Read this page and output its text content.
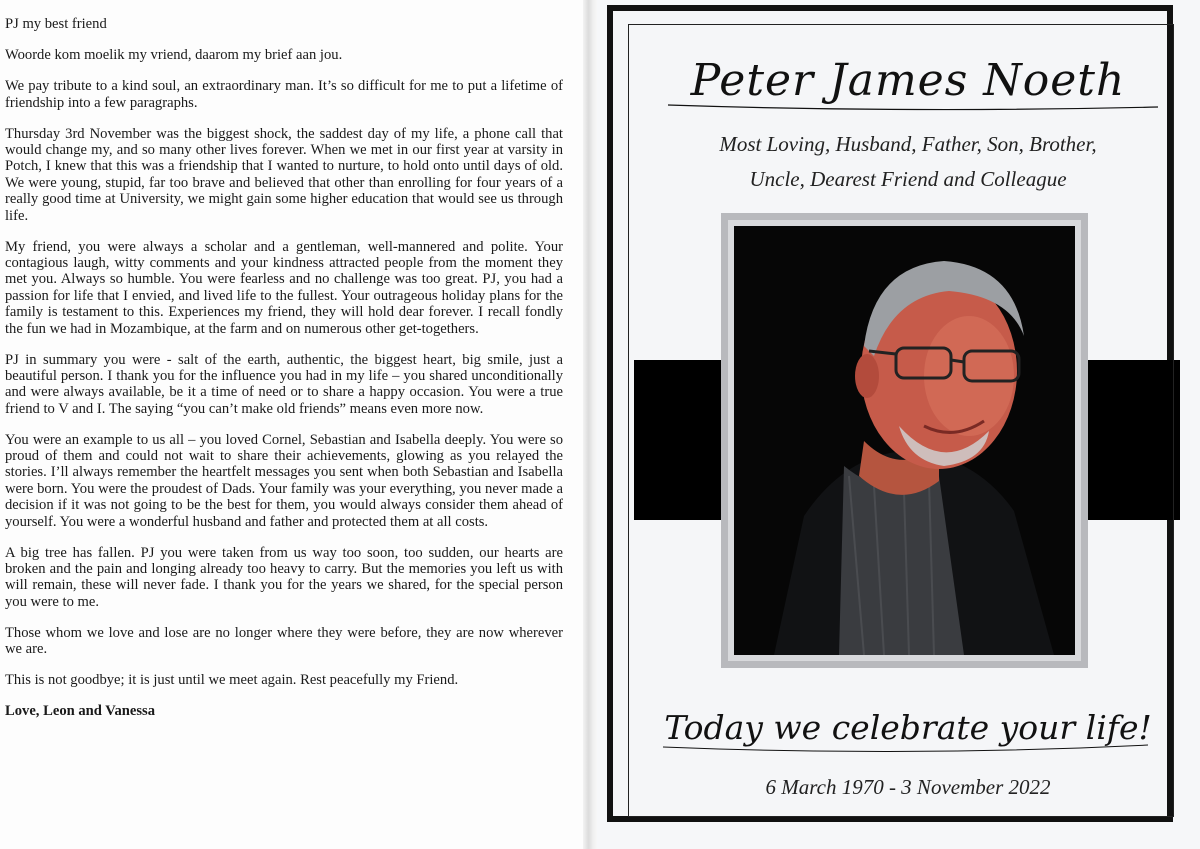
PJ my best friend

Woorde kom moelik my vriend, daarom my brief aan jou.

We pay tribute to a kind soul, an extraordinary man. It’s so difficult for me to put a lifetime of friendship into a few paragraphs.

Thursday 3rd November was the biggest shock, the saddest day of my life, a phone call that would change my, and so many other lives forever. When we met in our first year at varsity in Potch, I knew that this was a friendship that I wanted to nurture, to hold onto until days of old. We were young, stupid, far too brave and believed that other than enrolling for four years of a really good time at University, we might gain some higher education that would see us through life.

My friend, you were always a scholar and a gentleman, well-mannered and polite. Your contagious laugh, witty comments and your kindness attracted people from the moment they met you. Always so humble. You were fearless and no challenge was too great. PJ, you had a passion for life that I envied, and lived life to the fullest. Your outrageous holiday plans for the family is testament to this. Experiences my friend, they will hold dear forever. I recall fondly the fun we had in Mozambique, at the farm and on numerous other get-togethers.

PJ in summary you were - salt of the earth, authentic, the biggest heart, big smile, just a beautiful person. I thank you for the influence you had in my life – you shared unconditionally and were always available, be it a time of need or to share a happy occasion. You were a true friend to V and I. The saying “you can’t make old friends” means even more now.

You were an example to us all – you loved Cornel, Sebastian and Isabella deeply. You were so proud of them and could not wait to share their achievements, glowing as you relayed the stories. I’ll always remember the heartfelt messages you sent when both Sebastian and Isabella were born. You were the proudest of Dads. Your family was your everything, you never made a decision if it was not going to be the best for them, you would always consider them ahead of yourself. You were a wonderful husband and father and protected them at all costs.

A big tree has fallen. PJ you were taken from us way too soon, too sudden, our hearts are broken and the pain and longing already too heavy to carry. But the memories you left us with will remain, these will never fade. I thank you for the years we shared, for the special person you were to me.

Those whom we love and lose are no longer where they were before, they are now wherever we are.

This is not goodbye; it is just until we meet again. Rest peacefully my Friend.

Love, Leon and Vanessa

Peter James Noeth
Most Loving, Husband, Father, Son, Brother,
Uncle, Dearest Friend and Colleague
Today we celebrate your life!
6 March 1970 - 3 November 2022
